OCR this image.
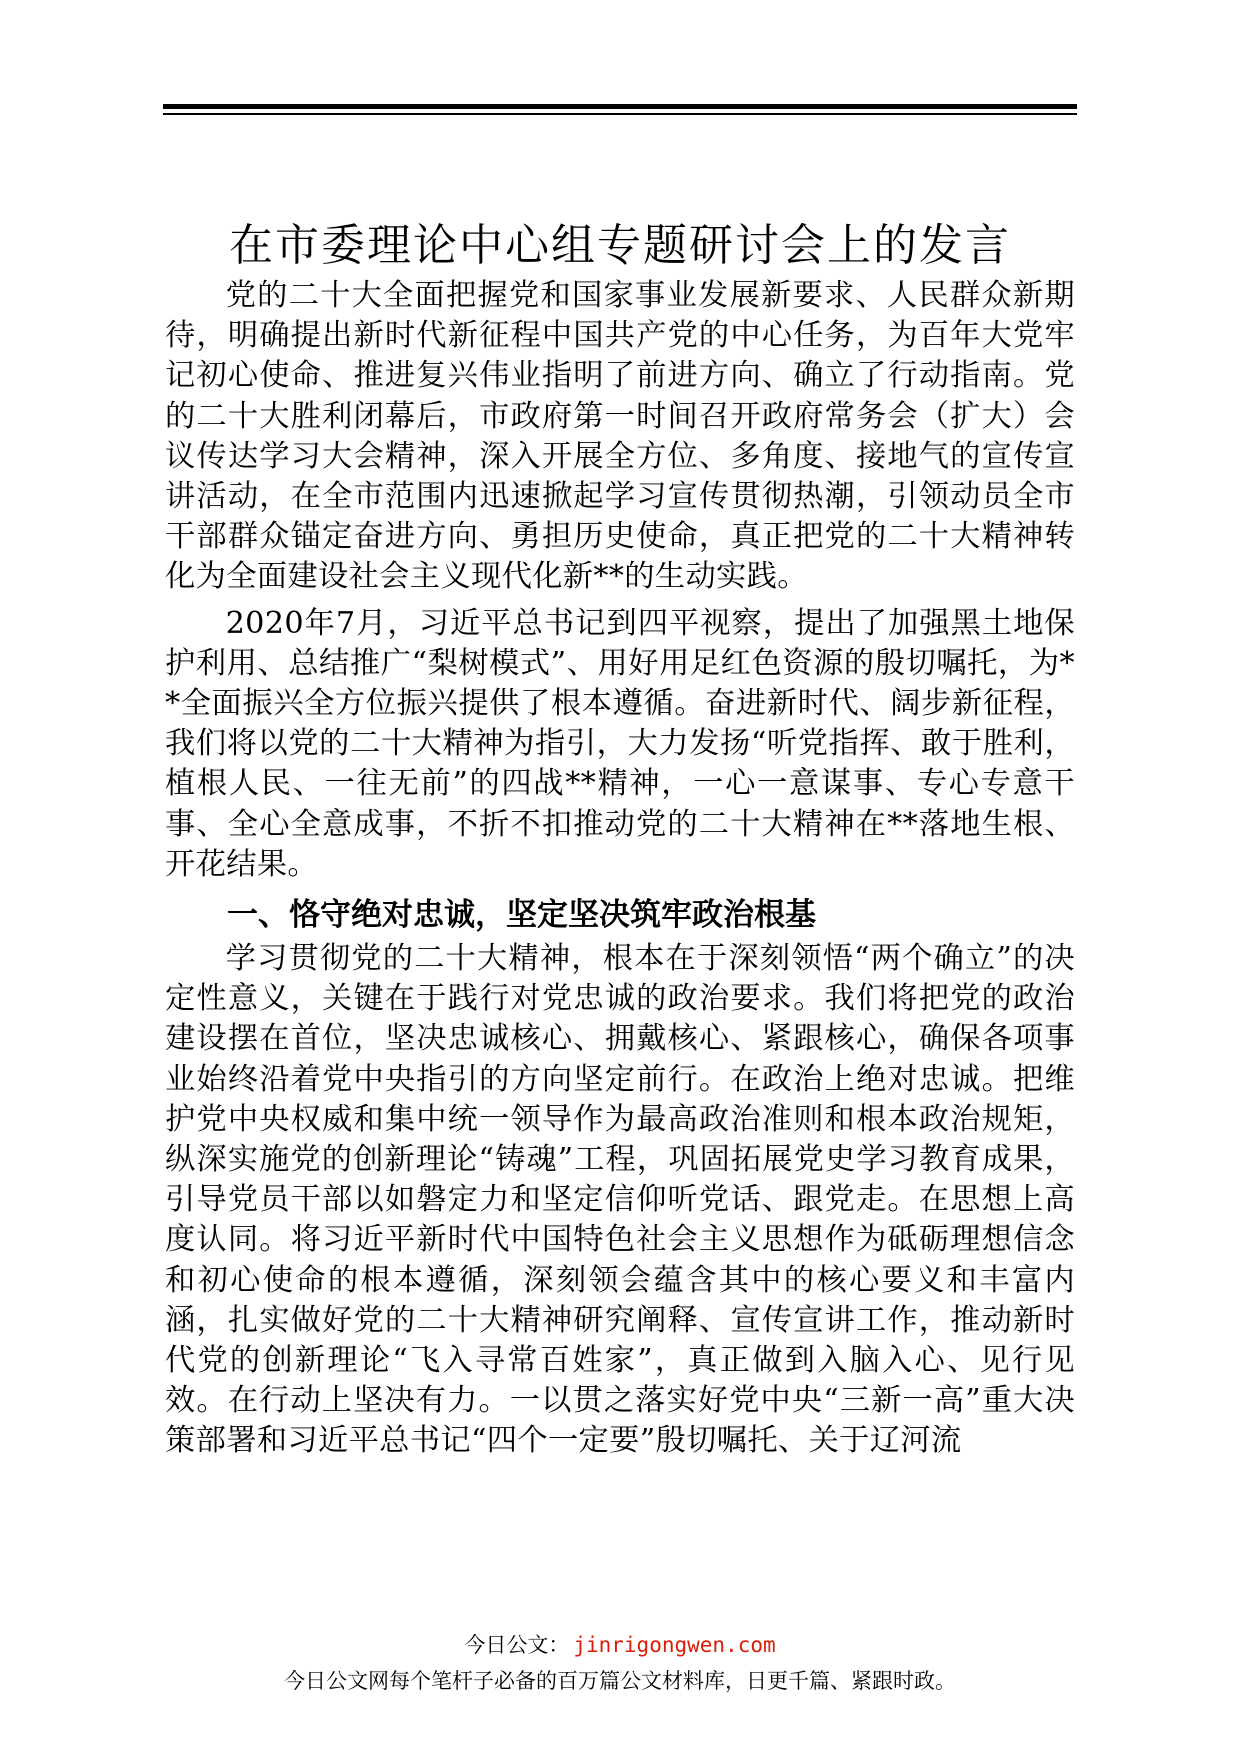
在市委理论中心组专题研讨会上的发言

党的二十大全面把握党和国家事业发展新要求、人民群众新期待，明确提出新时代新征程中国共产党的中心任务，为百年大党牢记初心使命、推进复兴伟业指明了前进方向、确立了行动指南。党的二十大胜利闭幕后，市政府第一时间召开政府常务会（扩大）会议传达学习大会精神，深入开展全方位、多角度、接地气的宣传宣讲活动，在全市范围内迅速掀起学习宣传贯彻热潮，引领动员全市干部群众锚定奋进方向、勇担历史使命，真正把党的二十大精神转化为全面建设社会主义现代化新**的生动实践。

2020年7月，习近平总书记到四平视察，提出了加强黑土地保护利用、总结推广“梨树模式”、用好用足红色资源的殷切嘱托，为**全面振兴全方位振兴提供了根本遵循。奋进新时代、阔步新征程，我们将以党的二十大精神为指引，大力发扬“听党指挥、敢于胜利，植根人民、一往无前”的四战**精神，一心一意谋事、专心专意干事、全心全意成事，不折不扣推动党的二十大精神在**落地生根、开花结果。

一、恪守绝对忠诚，坚定坚决筑牢政治根基

学习贯彻党的二十大精神，根本在于深刻领悟“两个确立”的决定性意义，关键在于践行对党忠诚的政治要求。我们将把党的政治建设摆在首位，坚决忠诚核心、拥戴核心、紧跟核心，确保各项事业始终沿着党中央指引的方向坚定前行。在政治上绝对忠诚。把维护党中央权威和集中统一领导作为最高政治准则和根本政治规矩，纵深实施党的创新理论“铸魂”工程，巩固拓展党史学习教育成果，引导党员干部以如磐定力和坚定信仰听党话、跟党走。在思想上高度认同。将习近平新时代中国特色社会主义思想作为砥砺理想信念和初心使命的根本遵循，深刻领会蕴含其中的核心要义和丰富内涵，扎实做好党的二十大精神研究阐释、宣传宣讲工作，推动新时代党的创新理论“飞入寻常百姓家”，真正做到入脑入心、见行见效。在行动上坚决有力。一以贯之落实好党中央“三新一高”重大决策部署和习近平总书记“四个一定要”殷切嘱托、关于辽河流

今日公文： jinrigongwen.com
今日公文网每个笔杆子必备的百万篇公文材料库，日更千篇、紧跟时政。
